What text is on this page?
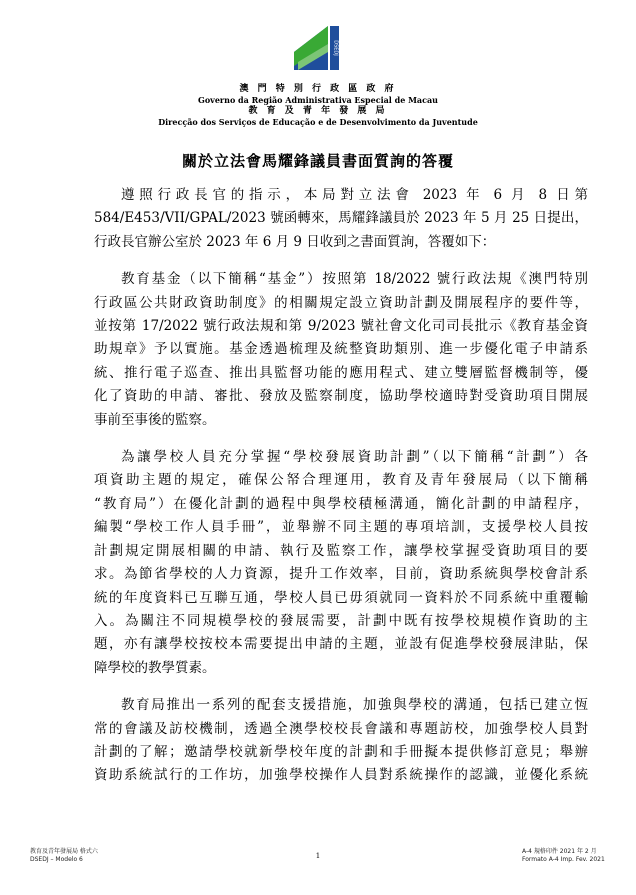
DSEDJ
澳 門 特 別 行 政 區 政 府
Governo da Região Administrativa Especial de Macau
教 育 及 青 年 發 展 局
Direcção dos Serviços de Educação e de Desenvolvimento da Juventude
關於立法會馬耀鋒議員書面質詢的答覆

遵照行政長官的指示，本局對立法會 2023 年 6 月 8 日第
584/E453/VII/GPAL/2023 號函轉來，馬耀鋒議員於 2023 年 5 月 25 日提出，
行政長官辦公室於 2023 年 6 月 9 日收到之書面質詢，答覆如下：

教育基金（以下簡稱“基金”）按照第 18/2022 號行政法規《澳門特別
行政區公共財政資助制度》的相關規定設立資助計劃及開展程序的要件等，
並按第 17/2022 號行政法規和第 9/2023 號社會文化司司長批示《教育基金資
助規章》予以實施。基金透過梳理及統整資助類別、進一步優化電子申請系
統、推行電子巡查、推出具監督功能的應用程式、建立雙層監督機制等，優
化了資助的申請、審批、發放及監察制度，協助學校適時對受資助項目開展
事前至事後的監察。

為讓學校人員充分掌握“學校發展資助計劃”（以下簡稱“計劃”）各
項資助主題的規定，確保公帑合理運用，教育及青年發展局（以下簡稱
“教育局”）在優化計劃的過程中與學校積極溝通，簡化計劃的申請程序，
編製“學校工作人員手冊”，並舉辦不同主題的專項培訓，支援學校人員按
計劃規定開展相關的申請、執行及監察工作，讓學校掌握受資助項目的要
求。為節省學校的人力資源，提升工作效率，目前，資助系統與學校會計系
統的年度資料已互聯互通，學校人員已毋須就同一資料於不同系統中重覆輸
入。為關注不同規模學校的發展需要，計劃中既有按學校規模作資助的主
題，亦有讓學校按校本需要提出申請的主題，並設有促進學校發展津貼，保
障學校的教學質素。

教育局推出一系列的配套支援措施，加強與學校的溝通，包括已建立恆
常的會議及訪校機制，透過全澳學校校長會議和專題訪校，加強學校人員對
計劃的了解；邀請學校就新學校年度的計劃和手冊擬本提供修訂意見；舉辦
資助系統試行的工作坊，加強學校操作人員對系統操作的認識，並優化系統

教育及青年發展局 格式六
DSEDJ – Modelo 6	1
A-4 規格印件 2021 年 2 月
Formato A-4 Imp. Fev. 2021
